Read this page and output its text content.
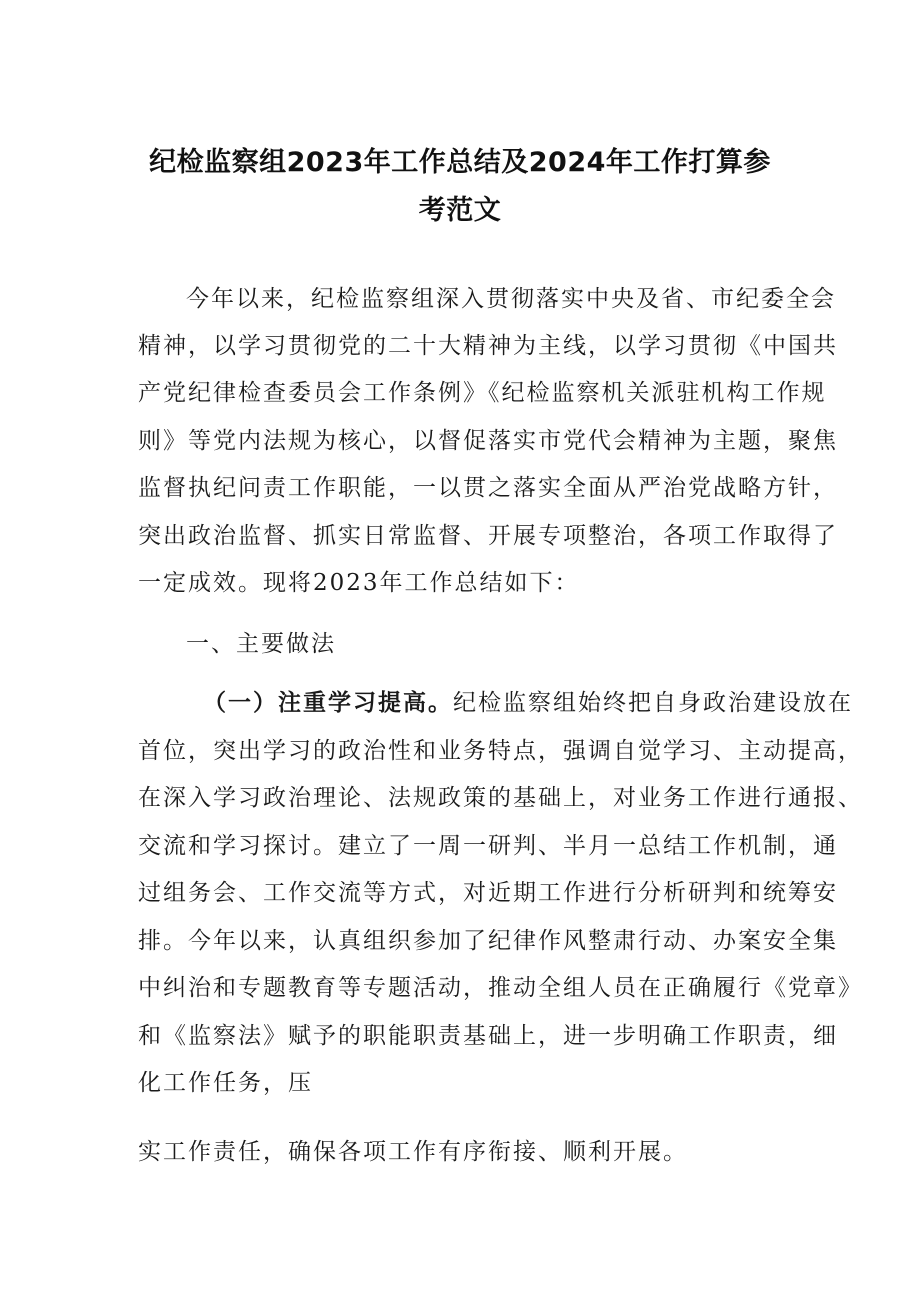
纪检监察组2023年工作总结及2024年工作打算参
考范文
今年以来，纪检监察组深入贯彻落实中央及省、市纪委全会
精神，以学习贯彻党的二十大精神为主线，以学习贯彻《中国共
产党纪律检查委员会工作条例》《纪检监察机关派驻机构工作规
则》等党内法规为核心，以督促落实市党代会精神为主题，聚焦
监督执纪问责工作职能，一以贯之落实全面从严治党战略方针，
突出政治监督、抓实日常监督、开展专项整治，各项工作取得了
一定成效。现将2023年工作总结如下：
一、主要做法
（一）注重学习提高。纪检监察组始终把自身政治建设放在
首位，突出学习的政治性和业务特点，强调自觉学习、主动提高，
在深入学习政治理论、法规政策的基础上，对业务工作进行通报、
交流和学习探讨。建立了一周一研判、半月一总结工作机制，通
过组务会、工作交流等方式，对近期工作进行分析研判和统筹安
排。今年以来，认真组织参加了纪律作风整肃行动、办案安全集
中纠治和专题教育等专题活动，推动全组人员在正确履行《党章》
和《监察法》赋予的职能职责基础上，进一步明确工作职责，细
化工作任务，压
实工作责任，确保各项工作有序衔接、顺利开展。
